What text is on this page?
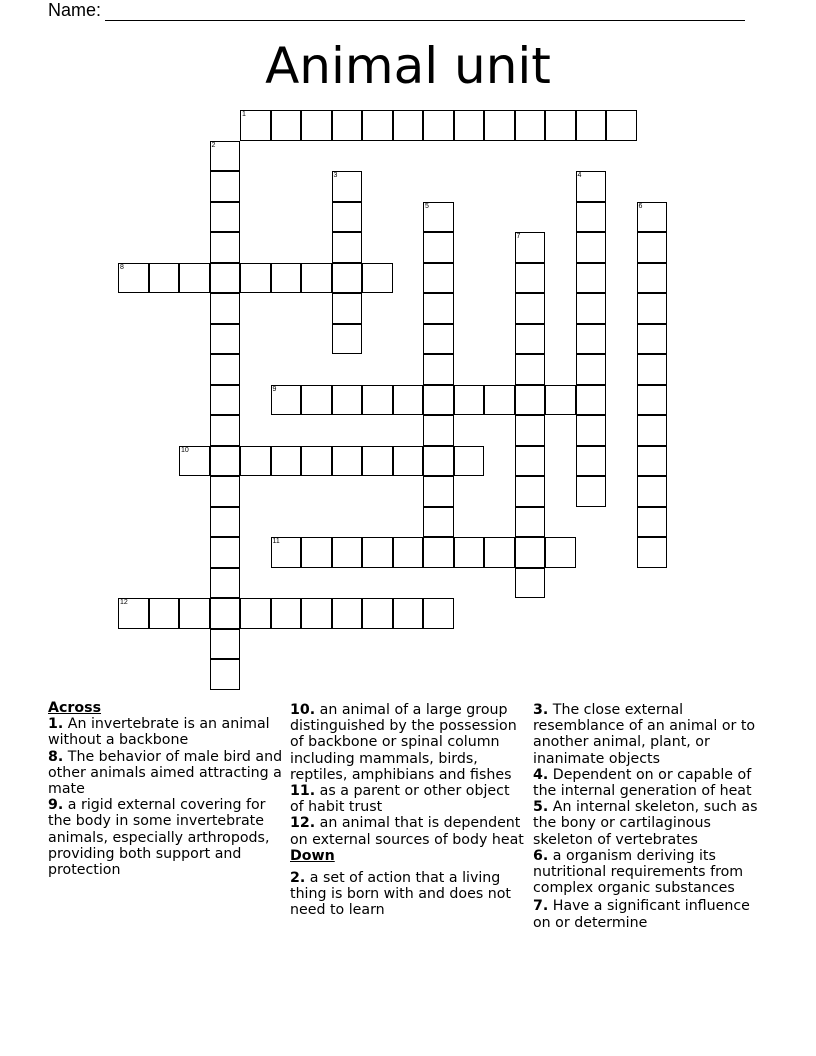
Name:
Animal unit
1
2
3	4
5	6
7
8
9
10
11
12
Across
1. An invertebrate is an animal without a backbone
8. The behavior of male bird and other animals aimed attracting a mate
9. a rigid external covering for the body in some invertebrate animals, especially arthropods, providing both support and protection
10. an animal of a large group distinguished by the possession of backbone or spinal column including mammals, birds, reptiles, amphibians and fishes
11. as a parent or other object of habit trust
12. an animal that is dependent on external sources of body heat
Down
2. a set of action that a living thing is born with and does not need to learn
3. The close external resemblance of an animal or to another animal, plant, or inanimate objects
4. Dependent on or capable of the internal generation of heat
5. An internal skeleton, such as the bony or cartilaginous skeleton of vertebrates
6. a organism deriving its nutritional requirements from complex organic substances
7. Have a significant influence on or determine
